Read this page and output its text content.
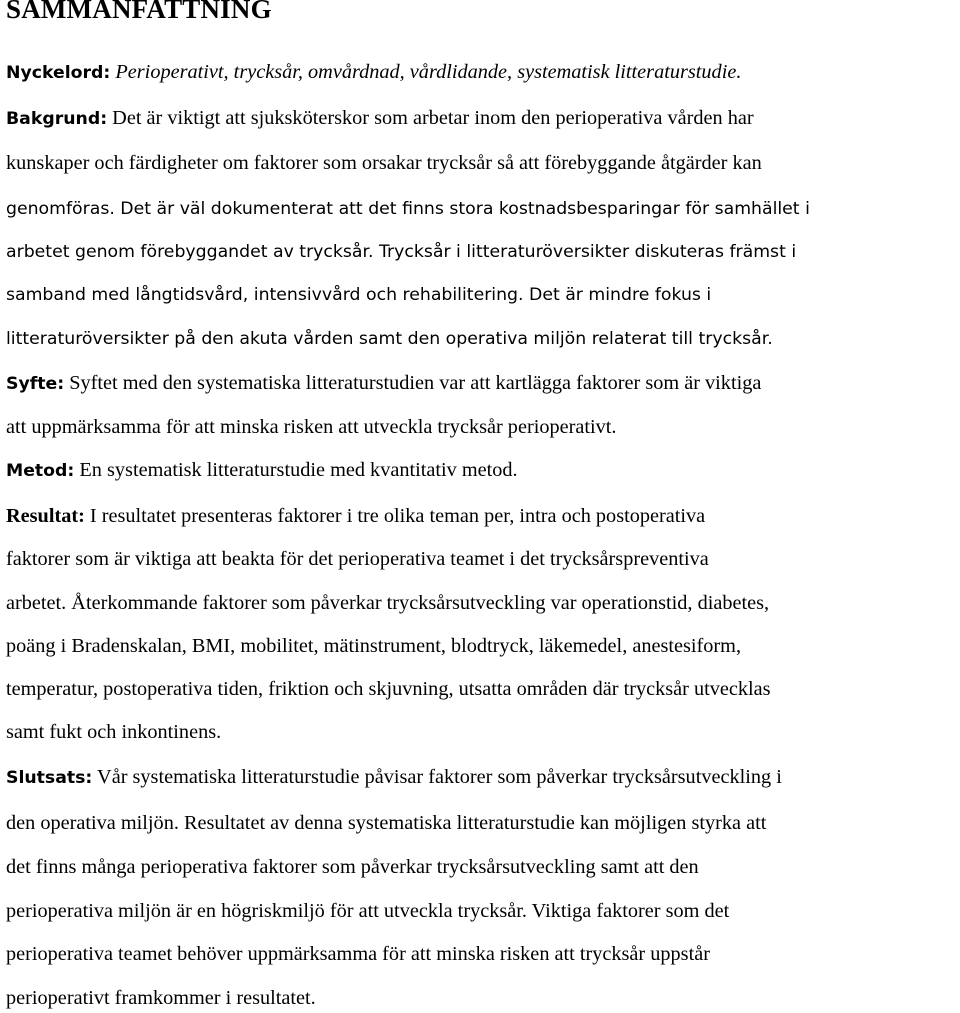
SAMMANFATTNING
Nyckelord: Perioperativt, trycksår, omvårdnad, vårdlidande, systematisk litteraturstudie.
Bakgrund: Det är viktigt att sjuksköterskor som arbetar inom den perioperativa vården har
kunskaper och färdigheter om faktorer som orsakar trycksår så att förebyggande åtgärder kan
genomföras. Det är väl dokumenterat att det finns stora kostnadsbesparingar för samhället i
arbetet genom förebyggandet av trycksår. Trycksår i litteraturöversikter diskuteras främst i
samband med långtidsvård, intensivvård och rehabilitering. Det är mindre fokus i
litteraturöversikter på den akuta vården samt den operativa miljön relaterat till trycksår.
Syfte: Syftet med den systematiska litteraturstudien var att kartlägga faktorer som är viktiga
att uppmärksamma för att minska risken att utveckla trycksår perioperativt.
Metod: En systematisk litteraturstudie med kvantitativ metod.
Resultat: I resultatet presenteras faktorer i tre olika teman per, intra och postoperativa
faktorer som är viktiga att beakta för det perioperativa teamet i det trycksårspreventiva
arbetet. Återkommande faktorer som påverkar trycksårsutveckling var operationstid, diabetes,
poäng i Bradenskalan, BMI, mobilitet, mätinstrument, blodtryck, läkemedel, anestesiform,
temperatur, postoperativa tiden, friktion och skjuvning, utsatta områden där trycksår utvecklas
samt fukt och inkontinens.
Slutsats: Vår systematiska litteraturstudie påvisar faktorer som påverkar trycksårsutveckling i
den operativa miljön. Resultatet av denna systematiska litteraturstudie kan möjligen styrka att
det finns många perioperativa faktorer som påverkar trycksårsutveckling samt att den
perioperativa miljön är en högriskmiljö för att utveckla trycksår. Viktiga faktorer som det
perioperativa teamet behöver uppmärksamma för att minska risken att trycksår uppstår
perioperativt framkommer i resultatet.
